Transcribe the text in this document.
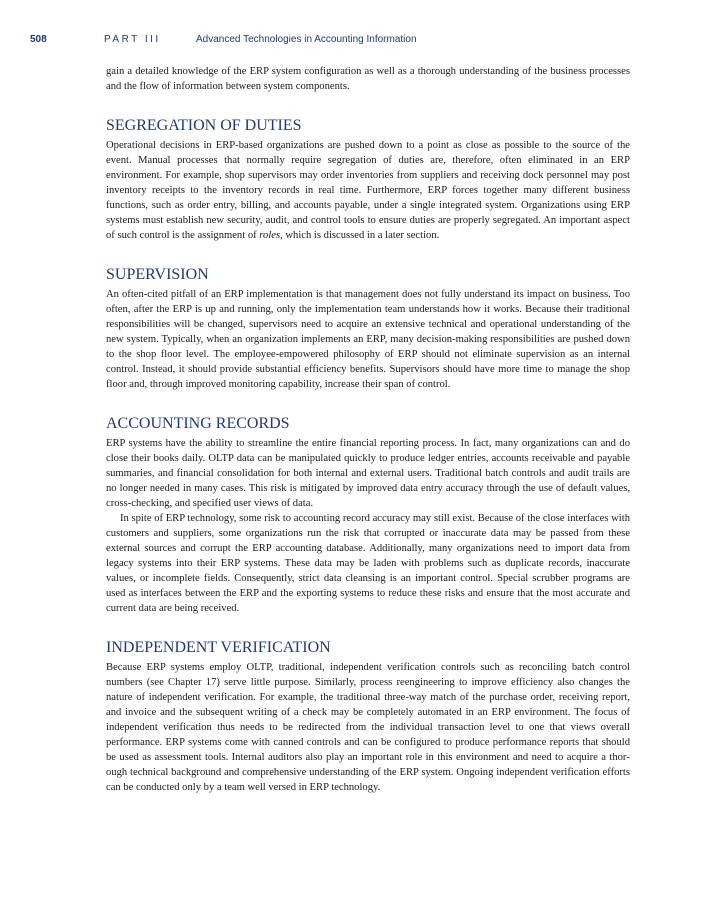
508	PART III	Advanced Technologies in Accounting Information

gain a detailed knowledge of the ERP system configuration as well as a thorough understanding of the business processes and the flow of information between system components.

SEGREGATION OF DUTIES

Operational decisions in ERP-based organizations are pushed down to a point as close as possible to the source of the event. Manual processes that normally require segregation of duties are, therefore, often eliminated in an ERP environment. For example, shop supervisors may order inventories from suppliers and receiving dock personnel may post inventory receipts to the inventory records in real time. Furthermore, ERP forces together many different business functions, such as order entry, billing, and accounts payable, under a single integrated system. Organizations using ERP systems must establish new security, audit, and control tools to ensure duties are properly segregated. An important aspect of such control is the assignment of roles, which is discussed in a later section.

SUPERVISION

An often-cited pitfall of an ERP implementation is that management does not fully understand its impact on business. Too often, after the ERP is up and running, only the implementation team understands how it works. Because their traditional responsibilities will be changed, supervisors need to acquire an extensive technical and operational understanding of the new system. Typically, when an organization implements an ERP, many decision-making responsibilities are pushed down to the shop floor level. The employee-empowered philosophy of ERP should not eliminate supervision as an internal control. Instead, it should provide substantial efficiency benefits. Supervisors should have more time to manage the shop floor and, through improved monitoring capability, increase their span of control.

ACCOUNTING RECORDS

ERP systems have the ability to streamline the entire financial reporting process. In fact, many organizations can and do close their books daily. OLTP data can be manipulated quickly to produce ledger entries, accounts receivable and payable summaries, and financial consolidation for both internal and external users. Traditional batch controls and audit trails are no longer needed in many cases. This risk is mitigated by improved data entry accuracy through the use of default values, cross-checking, and specified user views of data.

In spite of ERP technology, some risk to accounting record accuracy may still exist. Because of the close interfaces with customers and suppliers, some organizations run the risk that corrupted or inaccurate data may be passed from these external sources and corrupt the ERP accounting database. Additionally, many organizations need to import data from legacy systems into their ERP systems. These data may be laden with problems such as duplicate records, inaccurate values, or incomplete fields. Consequently, strict data cleansing is an important control. Special scrubber programs are used as interfaces between the ERP and the exporting systems to reduce these risks and ensure that the most accurate and current data are being received.

INDEPENDENT VERIFICATION

Because ERP systems employ OLTP, traditional, independent verification controls such as reconciling batch control numbers (see Chapter 17) serve little purpose. Similarly, process reengineering to improve efficiency also changes the nature of independent verification. For example, the traditional three-way match of the purchase order, receiving report, and invoice and the subsequent writing of a check may be completely automated in an ERP environment. The focus of independent verification thus needs to be redirected from the individual transaction level to one that views overall performance. ERP systems come with canned controls and can be configured to produce performance reports that should be used as assessment tools. Internal auditors also play an important role in this environment and need to acquire a thorough technical background and comprehensive understanding of the ERP system. Ongoing independent verification efforts can be conducted only by a team well versed in ERP technology.
